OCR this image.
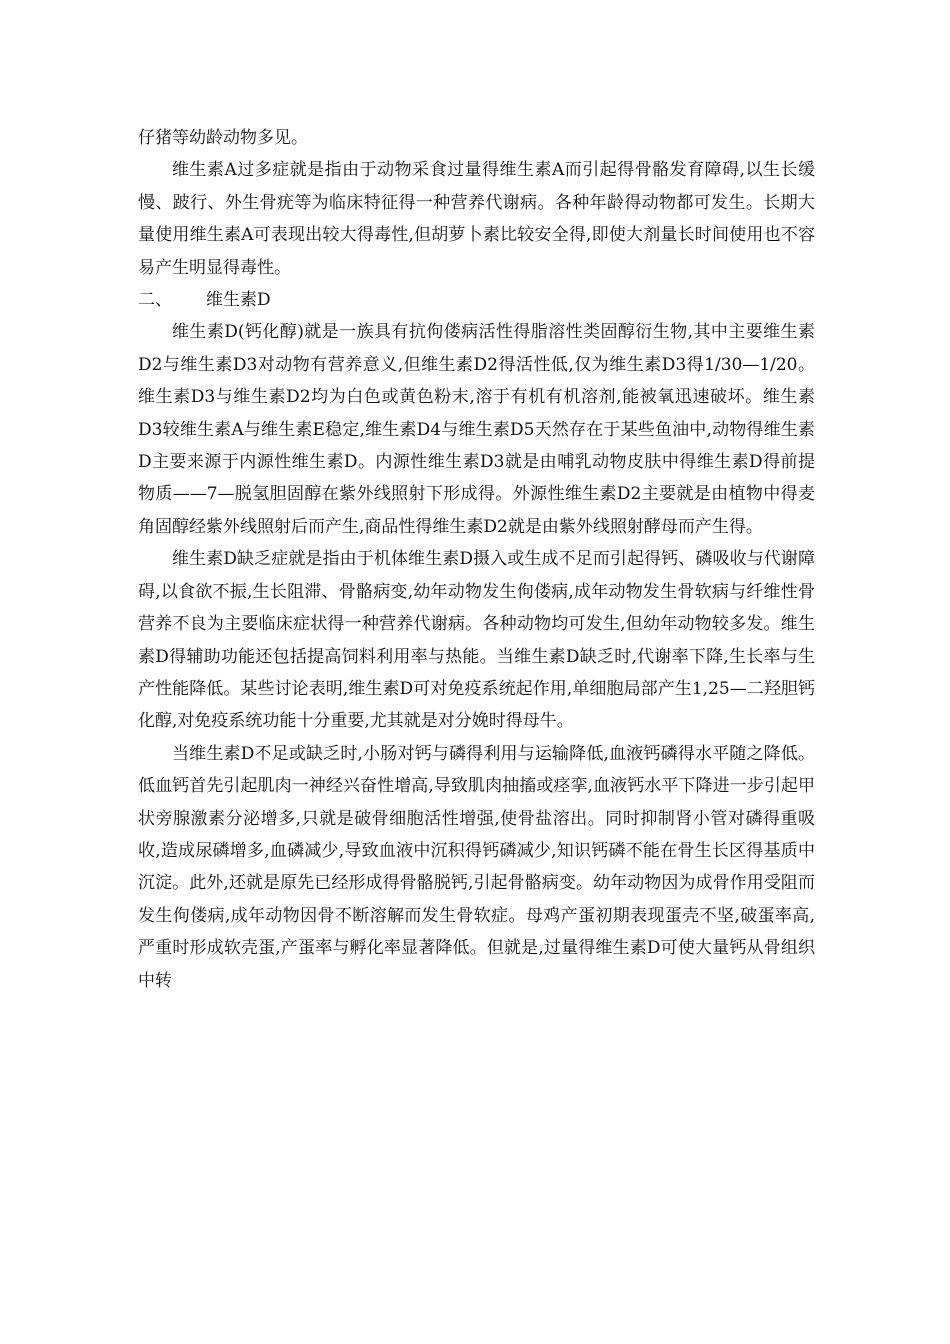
仔猪等幼龄动物多见。

维生素A过多症就是指由于动物采食过量得维生素A而引起得骨骼发育障碍,以生长缓慢、跛行、外生骨疣等为临床特征得一种营养代谢病。各种年龄得动物都可发生。长期大量使用维生素A可表现出较大得毒性,但胡萝卜素比较安全得,即使大剂量长时间使用也不容易产生明显得毒性。

二、 维生素D

维生素D(钙化醇)就是一族具有抗佝偻病活性得脂溶性类固醇衍生物,其中主要维生素D2与维生素D3对动物有营养意义,但维生素D2得活性低,仅为维生素D3得1/30—1/20。维生素D3与维生素D2均为白色或黄色粉末,溶于有机有机溶剂,能被氧迅速破坏。维生素D3较维生素A与维生素E稳定,维生素D4与维生素D5天然存在于某些鱼油中,动物得维生素D主要来源于内源性维生素D。内源性维生素D3就是由哺乳动物皮肤中得维生素D得前提物质——7—脱氢胆固醇在紫外线照射下形成得。外源性维生素D2主要就是由植物中得麦角固醇经紫外线照射后而产生,商品性得维生素D2就是由紫外线照射酵母而产生得。

维生素D缺乏症就是指由于机体维生素D摄入或生成不足而引起得钙、磷吸收与代谢障碍,以食欲不振,生长阻滞、骨骼病变,幼年动物发生佝偻病,成年动物发生骨软病与纤维性骨营养不良为主要临床症状得一种营养代谢病。各种动物均可发生,但幼年动物较多发。维生素D得辅助功能还包括提高饲料利用率与热能。当维生素D缺乏时,代谢率下降,生长率与生产性能降低。某些讨论表明,维生素D可对免疫系统起作用,单细胞局部产生1,25—二羟胆钙化醇,对免疫系统功能十分重要,尤其就是对分娩时得母牛。

当维生素D不足或缺乏时,小肠对钙与磷得利用与运输降低,血液钙磷得水平随之降低。低血钙首先引起肌肉一神经兴奋性增高,导致肌肉抽搐或痉挛,血液钙水平下降进一步引起甲状旁腺激素分泌增多,只就是破骨细胞活性增强,使骨盐溶出。同时抑制肾小管对磷得重吸收,造成尿磷增多,血磷减少,导致血液中沉积得钙磷减少,知识钙磷不能在骨生长区得基质中沉淀。此外,还就是原先已经形成得骨骼脱钙,引起骨骼病变。幼年动物因为成骨作用受阻而发生佝偻病,成年动物因骨不断溶解而发生骨软症。母鸡产蛋初期表现蛋壳不坚,破蛋率高,严重时形成软壳蛋,产蛋率与孵化率显著降低。但就是,过量得维生素D可使大量钙从骨组织中转
